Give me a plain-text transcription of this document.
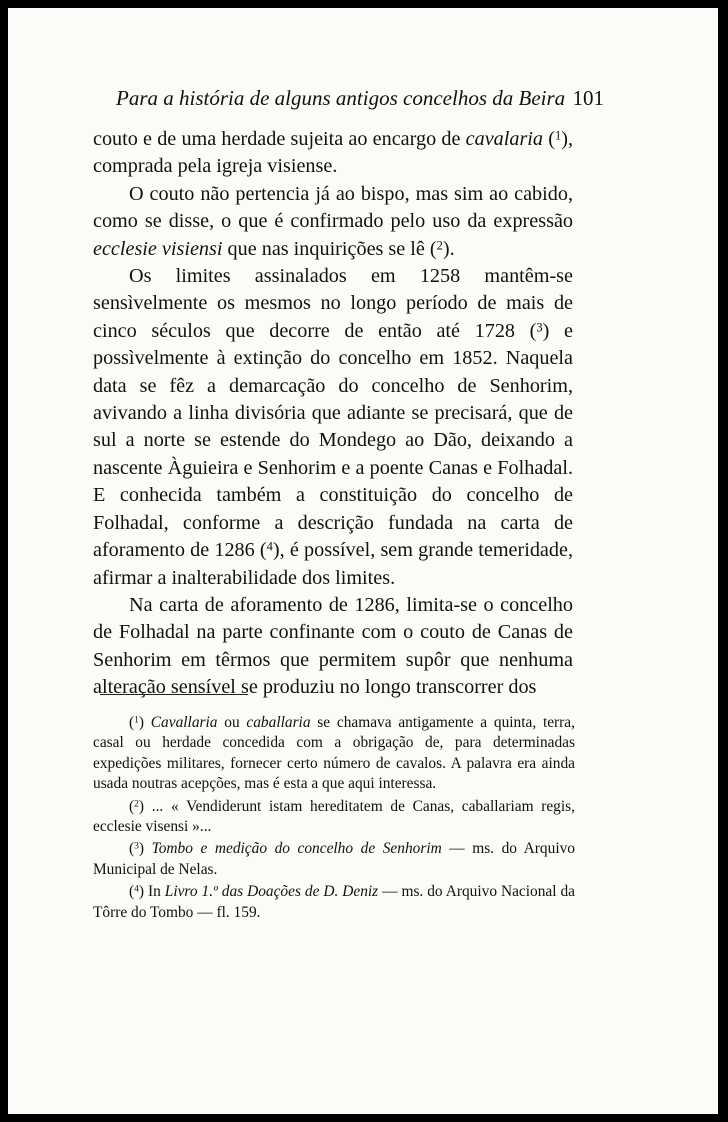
Para a história de alguns antigos concelhos da Beira 101

couto e de uma herdade sujeita ao encargo de cavalaria ($^1$), comprada pela igreja visiense.

O couto não pertencia já ao bispo, mas sim ao cabido, como se disse, o que é confirmado pelo uso da expressão ecclesie visiensi que nas inquirições se lê ($^2$).

Os limites assinalados em 1258 mantêm-se sensìvelmente os mesmos no longo período de mais de cinco séculos que decorre de então até 1728 ($^3$) e possìvelmente à extinção do concelho em 1852. Naquela data se fêz a demarcação do concelho de Senhorim, avivando a linha divisória que adiante se precisará, que de sul a norte se estende do Mondego ao Dão, deixando a nascente Àguieira e Senhorim e a poente Canas e Folhadal. E conhecida também a constituição do concelho de Folhadal, conforme a descrição fundada na carta de aforamento de 1286 ($^4$), é possível, sem grande temeridade, afirmar a inalterabilidade dos limites.

Na carta de aforamento de 1286, limita-se o concelho de Folhadal na parte confinante com o couto de Canas de Senhorim em têrmos que permitem supôr que nenhuma alteração sensível se produziu no longo transcorrer dos

($^1$) Cavallaria ou caballaria se chamava antigamente a quinta, terra, casal ou herdade concedida com a obrigação de, para determinadas expedições militares, fornecer certo número de cavalos. A palavra era ainda usada noutras acepções, mas é esta a que aqui interessa.

($^2$) ... « Vendiderunt istam hereditatem de Canas, caballariam regis, ecclesie visensi »...

($^3$) Tombo e medição do concelho de Senhorim — ms. do Arquivo Municipal de Nelas.

($^4$) In Livro 1.º das Doações de D. Deniz — ms. do Arquivo Nacional da Tôrre do Tombo — fl. 159.
